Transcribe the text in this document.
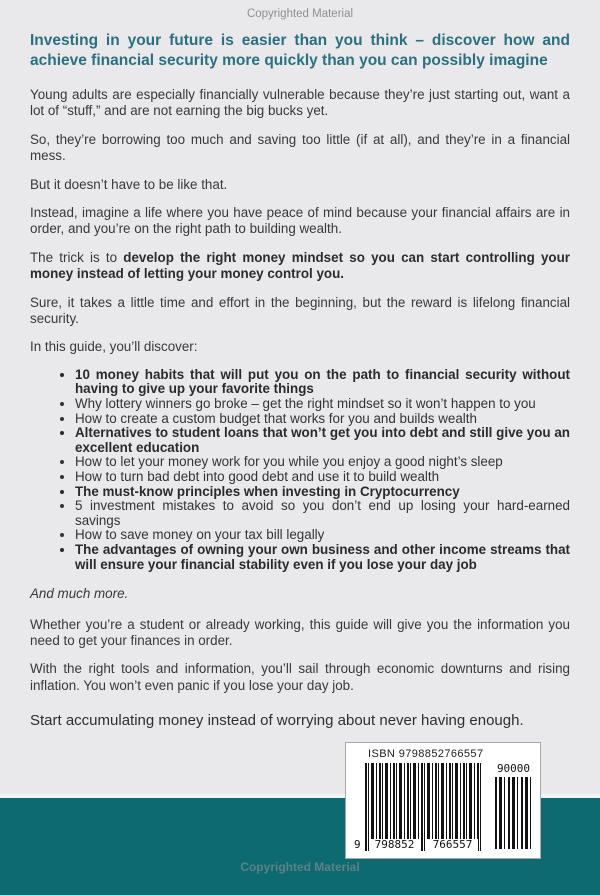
Copyrighted Material
Investing in your future is easier than you think – discover how and achieve financial security more quickly than you can possibly imagine

Young adults are especially financially vulnerable because they’re just starting out, want a lot of “stuff,” and are not earning the big bucks yet.

So, they’re borrowing too much and saving too little (if at all), and they’re in a financial mess.

But it doesn’t have to be like that.

Instead, imagine a life where you have peace of mind because your financial affairs are in order, and you’re on the right path to building wealth.

The trick is to develop the right money mindset so you can start controlling your money instead of letting your money control you.

Sure, it takes a little time and effort in the beginning, but the reward is lifelong financial security.

In this guide, you’ll discover:

• 10 money habits that will put you on the path to financial security without having to give up your favorite things
• Why lottery winners go broke – get the right mindset so it won’t happen to you
• How to create a custom budget that works for you and builds wealth
• Alternatives to student loans that won’t get you into debt and still give you an excellent education
• How to let your money work for you while you enjoy a good night’s sleep
• How to turn bad debt into good debt and use it to build wealth
• The must-know principles when investing in Cryptocurrency
• 5 investment mistakes to avoid so you don’t end up losing your hard-earned savings
• How to save money on your tax bill legally
• The advantages of owning your own business and other income streams that will ensure your financial stability even if you lose your day job

And much more.

Whether you’re a student or already working, this guide will give you the information you need to get your finances in order.

With the right tools and information, you’ll sail through economic downturns and rising inflation. You won’t even panic if you lose your day job.

Start accumulating money instead of worrying about never having enough.

ISBN 9798852766557
9	798852	766557
90000
Copyrighted Material
